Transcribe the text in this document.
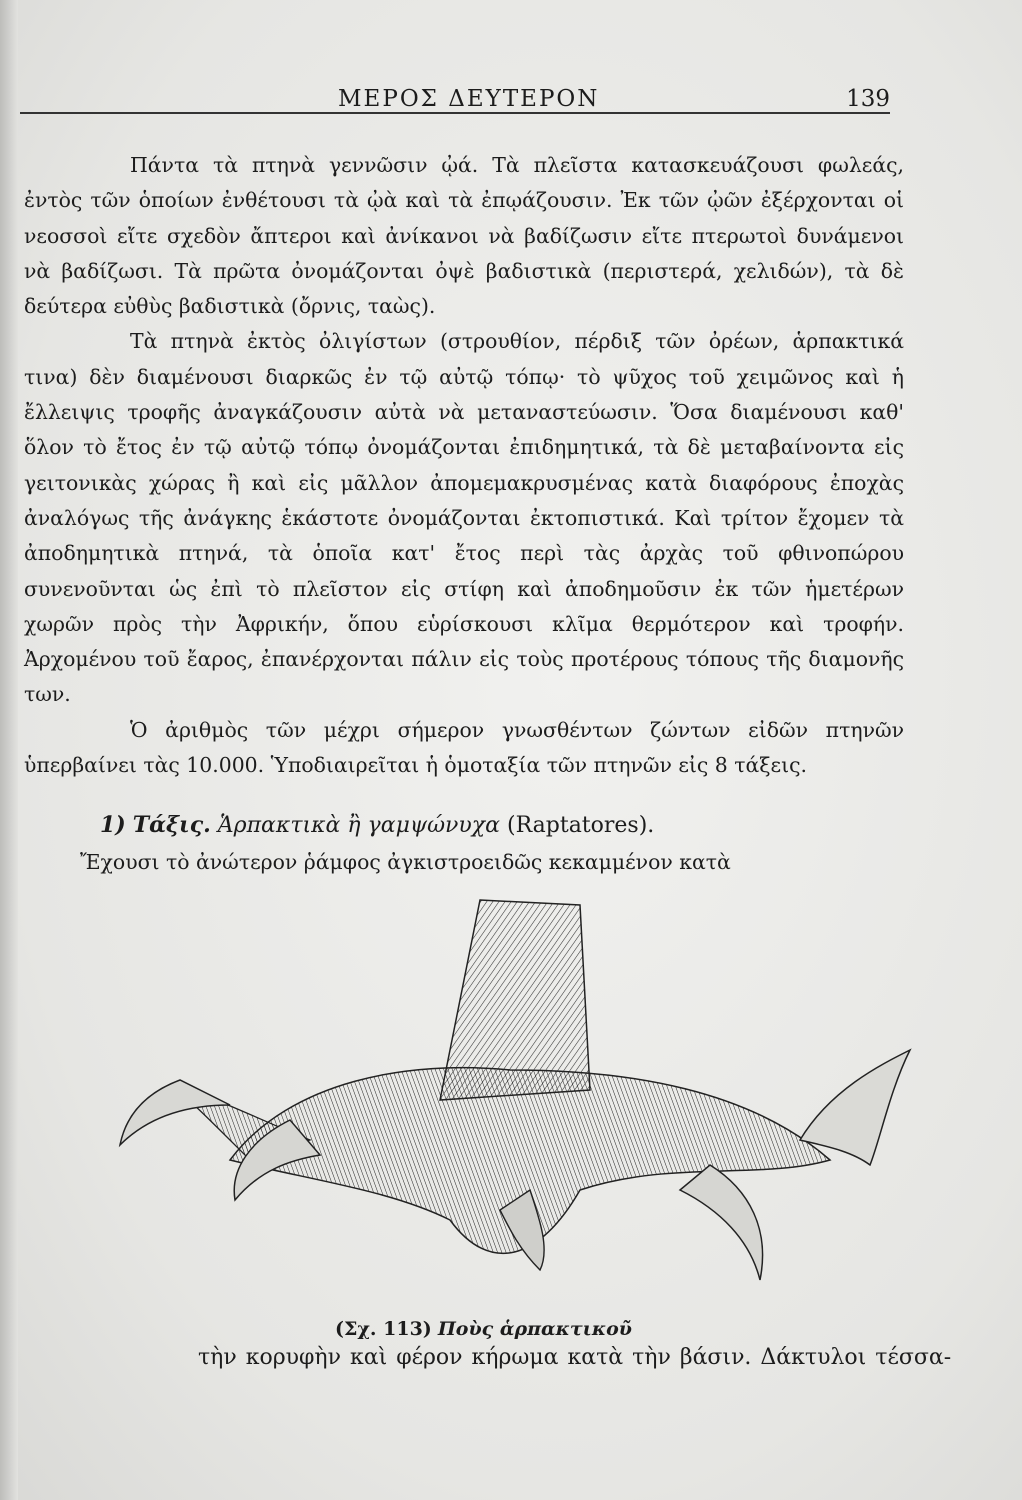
ΜΕΡΟΣ ΔΕΥΤΕΡΟΝ	139

Πάντα τὰ πτηνὰ γεννῶσιν ᾠά. Τὰ πλεῖστα κατασκευάζουσι φωλεάς, ἐντὸς τῶν ὁποίων ἐνθέτουσι τὰ ᾠὰ καὶ τὰ ἐπῳάζουσιν. Ἐκ τῶν ᾠῶν ἐξέρχονται οἱ νεοσσοὶ εἴτε σχεδὸν ἄπτεροι καὶ ἀνίκανοι νὰ βαδίζωσιν εἴτε πτερωτοὶ δυνάμενοι νὰ βαδίζωσι. Τὰ πρῶτα ὀνομάζονται ὀψὲ βαδιστικὰ (περιστερά, χελιδών), τὰ δὲ δεύτερα εὐθὺς βαδιστικὰ (ὄρνις, ταὼς).

Τὰ πτηνὰ ἐκτὸς ὀλιγίστων (στρουθίον, πέρδιξ τῶν ὀρέων, ἁρπακτικά τινα) δὲν διαμένουσι διαρκῶς ἐν τῷ αὐτῷ τόπῳ· τὸ ψῦχος τοῦ χειμῶνος καὶ ἡ ἔλλειψις τροφῆς ἀναγκάζουσιν αὐτὰ νὰ μεταναστεύωσιν. Ὅσα διαμένουσι καθ' ὅλον τὸ ἔτος ἐν τῷ αὐτῷ τόπῳ ὀνομάζονται ἐπιδημητικά, τὰ δὲ μεταβαίνοντα εἰς γειτονικὰς χώρας ἢ καὶ εἰς μᾶλλον ἀπομεμακρυσμένας κατὰ διαφόρους ἐποχὰς ἀναλόγως τῆς ἀνάγκης ἑκάστοτε ὀνομάζονται ἐκτοπιστικά. Καὶ τρίτον ἔχομεν τὰ ἀποδημητικὰ πτηνά, τὰ ὁποῖα κατ' ἔτος περὶ τὰς ἀρχὰς τοῦ φθινοπώρου συνενοῦνται ὡς ἐπὶ τὸ πλεῖστον εἰς στίφη καὶ ἀποδημοῦσιν ἐκ τῶν ἡμετέρων χωρῶν πρὸς τὴν Ἀφρικήν, ὅπου εὑρίσκουσι κλῖμα θερμότερον καὶ τροφήν. Ἀρχομένου τοῦ ἔαρος, ἐπανέρχονται πάλιν εἰς τοὺς προτέρους τόπους τῆς διαμονῆς των.

Ὁ ἀριθμὸς τῶν μέχρι σήμερον γνωσθέντων ζώντων εἰδῶν πτηνῶν ὑπερβαίνει τὰς 10.000. Ὑποδιαιρεῖται ἡ ὁμοταξία τῶν πτηνῶν εἰς 8 τάξεις.

1) Τάξις. Ἁρπακτικὰ ἢ γαμψώνυχα (Raptatores).
Ἔχουσι τὸ ἀνώτερον ῥάμφος ἀγκιστροειδῶς κεκαμμένον κατὰ
(Σχ. 113) Ποὺς ἁρπακτικοῦ
τὴν κορυφὴν καὶ φέρον κήρωμα κατὰ τὴν βάσιν. Δάκτυλοι τέσσα-
